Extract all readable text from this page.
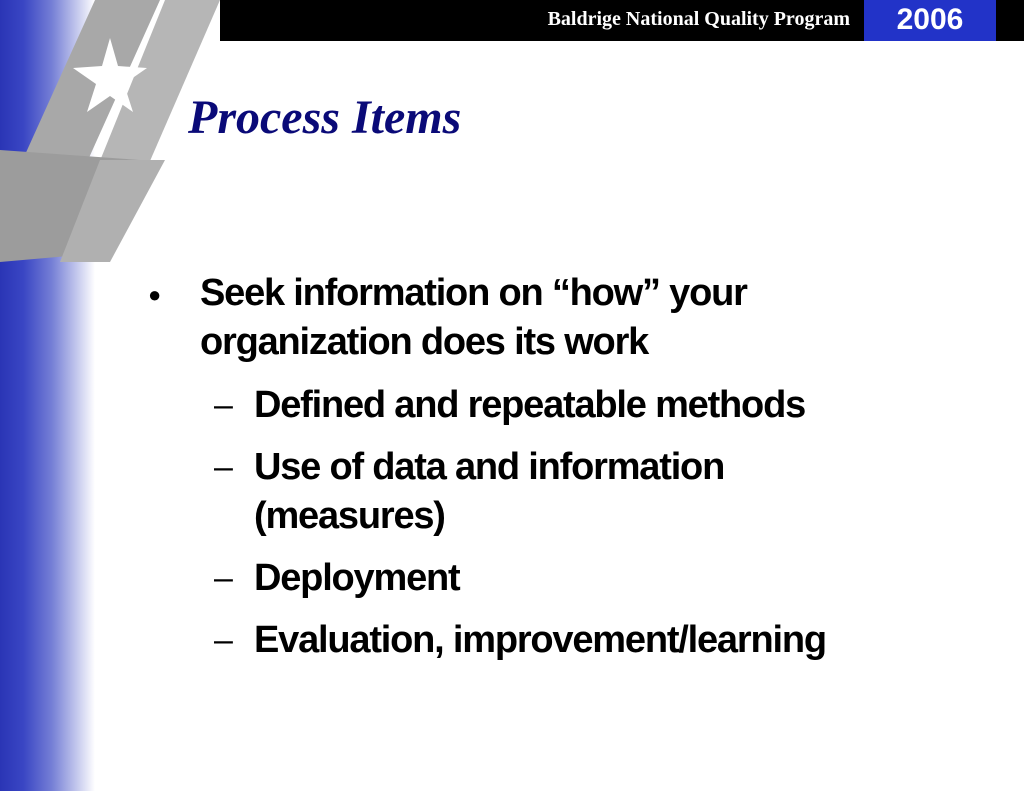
Baldrige National Quality Program	2006
Process Items
● Seek information on “how” your
organization does its work
– Defined and repeatable methods
– Use of data and information
(measures)
– Deployment
– Evaluation, improvement/learning
